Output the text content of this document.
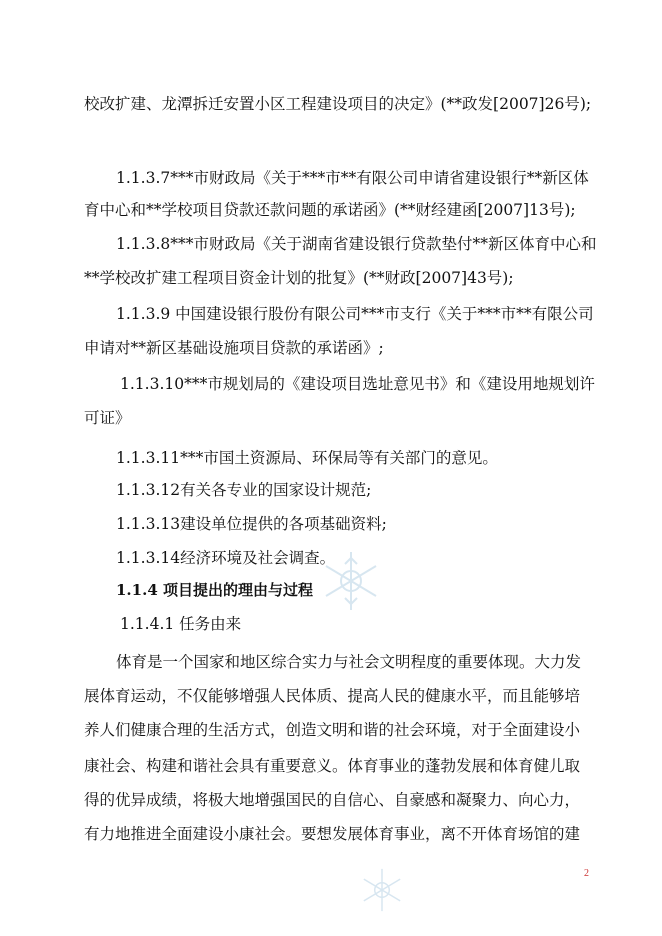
校改扩建、龙潭拆迁安置小区工程建设项目的决定》(**政发[2007]26号);
1.1.3.7***市财政局《关于***市**有限公司申请省建设银行**新区体
育中心和**学校项目贷款还款问题的承诺函》(**财经建函[2007]13号);
1.1.3.8***市财政局《关于湖南省建设银行贷款垫付**新区体育中心和
**学校改扩建工程项目资金计划的批复》(**财政[2007]43号);
1.1.3.9 中国建设银行股份有限公司***市支行《关于***市**有限公司
申请对**新区基础设施项目贷款的承诺函》;
1.1.3.10***市规划局的《建设项目选址意见书》和《建设用地规划许
可证》
1.1.3.11***市国土资源局、环保局等有关部门的意见。
1.1.3.12有关各专业的国家设计规范;
1.1.3.13建设单位提供的各项基础资料;
1.1.3.14经济环境及社会调查。
1.1.4 项目提出的理由与过程
1.1.4.1 任务由来
体育是一个国家和地区综合实力与社会文明程度的重要体现。大力发
展体育运动，不仅能够增强人民体质、提高人民的健康水平，而且能够培
养人们健康合理的生活方式，创造文明和谐的社会环境，对于全面建设小
康社会、构建和谐社会具有重要意义。体育事业的蓬勃发展和体育健儿取
得的优异成绩，将极大地增强国民的自信心、自豪感和凝聚力、向心力，
有力地推进全面建设小康社会。要想发展体育事业，离不开体育场馆的建
2
